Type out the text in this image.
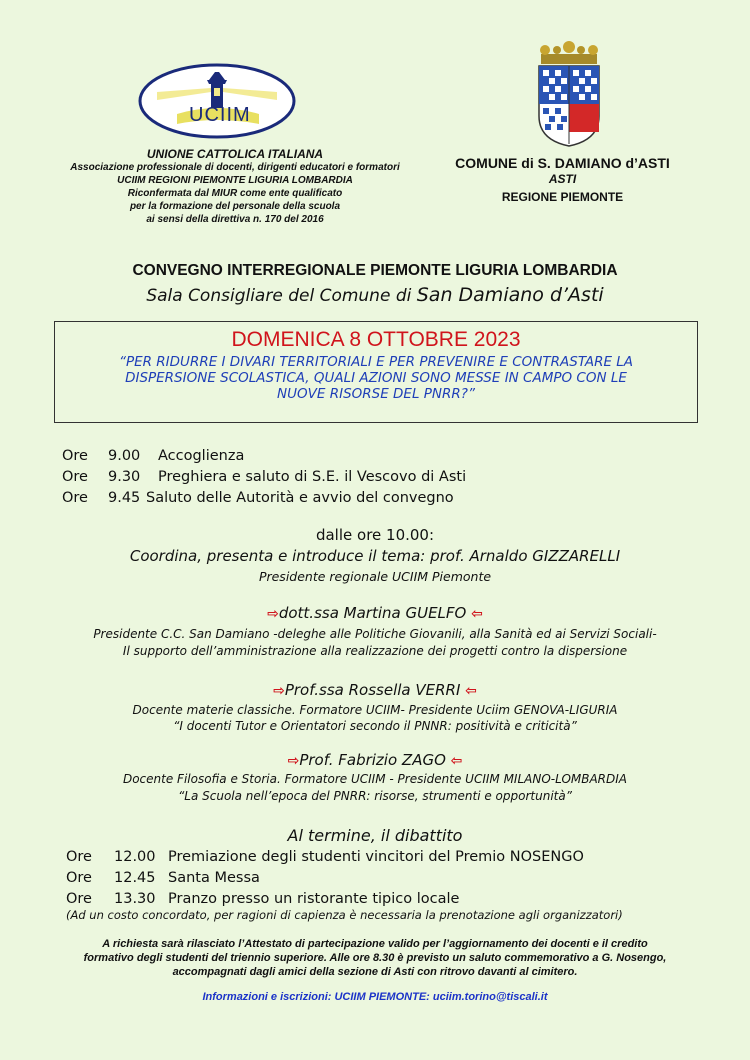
UCIIM
UNIONE CATTOLICA ITALIANA
Associazione professionale di docenti, dirigenti educatori e formatori
UCIIM REGIONI PIEMONTE LIGURIA LOMBARDIA
Riconfermata dal MIUR come ente qualificato
per la formazione del personale della scuola
ai sensi della direttiva n. 170 del 2016
COMUNE di S. DAMIANO d’ASTI
ASTI
REGIONE PIEMONTE
CONVEGNO INTERREGIONALE PIEMONTE LIGURIA LOMBARDIA
Sala Consigliare del Comune di San Damiano d’Asti
DOMENICA 8 OTTOBRE 2023
“PER RIDURRE I DIVARI TERRITORIALI E PER PREVENIRE E CONTRASTARE LA
DISPERSIONE SCOLASTICA, QUALI AZIONI SONO MESSE IN CAMPO CON LE
NUOVE RISORSE DEL PNRR?”
Ore	9.00	Accoglienza
Ore	9.30	Preghiera e saluto di S.E. il Vescovo di Asti
Ore	9.45 Saluto delle Autorità e avvio del convegno
dalle ore 10.00:
Coordina, presenta e introduce il tema: prof. Arnaldo GIZZARELLI
Presidente regionale UCIIM Piemonte
⇨dott.ssa Martina GUELFO ⇦
Presidente C.C. San Damiano -deleghe alle Politiche Giovanili, alla Sanità ed ai Servizi Sociali-
Il supporto dell’amministrazione alla realizzazione dei progetti contro la dispersione
⇨Prof.ssa Rossella VERRI ⇦
Docente materie classiche. Formatore UCIIM- Presidente Uciim GENOVA-LIGURIA
“I docenti Tutor e Orientatori secondo il PNNR: positività e criticità”
⇨Prof. Fabrizio ZAGO ⇦
Docente Filosofia e Storia. Formatore UCIIM - Presidente UCIIM MILANO-LOMBARDIA
“La Scuola nell’epoca del PNRR: risorse, strumenti e opportunità”
Al termine, il dibattito
Ore	12.00 Premiazione degli studenti vincitori del Premio NOSENGO
Ore	12.45 Santa Messa
Ore	13.30 Pranzo presso un ristorante tipico locale
(Ad un costo concordato, per ragioni di capienza è necessaria la prenotazione agli organizzatori)
A richiesta sarà rilasciato l’Attestato di partecipazione valido per l’aggiornamento dei docenti e il credito
formativo degli studenti del triennio superiore. Alle ore 8.30 è previsto un saluto commemorativo a G. Nosengo,
accompagnati dagli amici della sezione di Asti con ritrovo davanti al cimitero.
Informazioni e iscrizioni: UCIIM PIEMONTE: uciim.torino@tiscali.it
